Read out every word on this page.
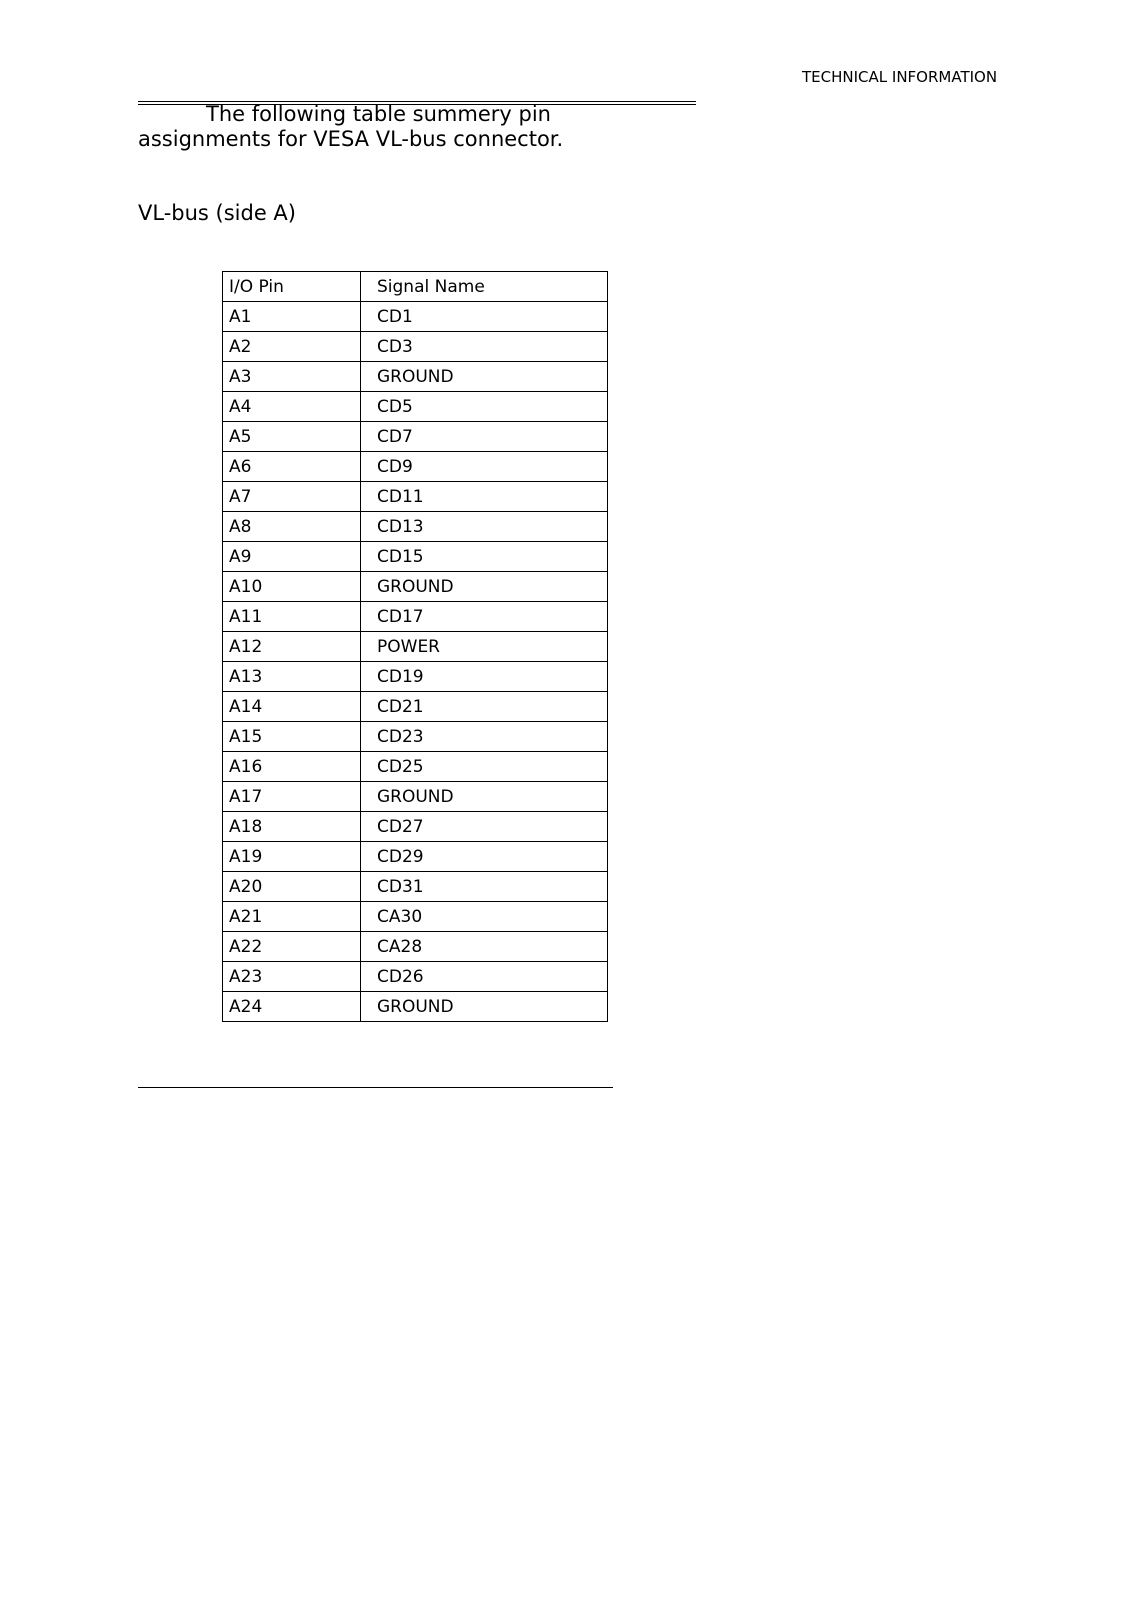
TECHNICAL INFORMATION
The following table summery pin
assignments for VESA VL-bus connector.
VL-bus (side A)
I/O Pin	Signal Name
A1	CD1
A2	CD3
A3	GROUND
A4	CD5
A5	CD7
A6	CD9
A7	CD11
A8	CD13
A9	CD15
A10	GROUND
A11	CD17
A12	POWER
A13	CD19
A14	CD21
A15	CD23
A16	CD25
A17	GROUND
A18	CD27
A19	CD29
A20	CD31
A21	CA30
A22	CA28
A23	CD26
A24	GROUND
